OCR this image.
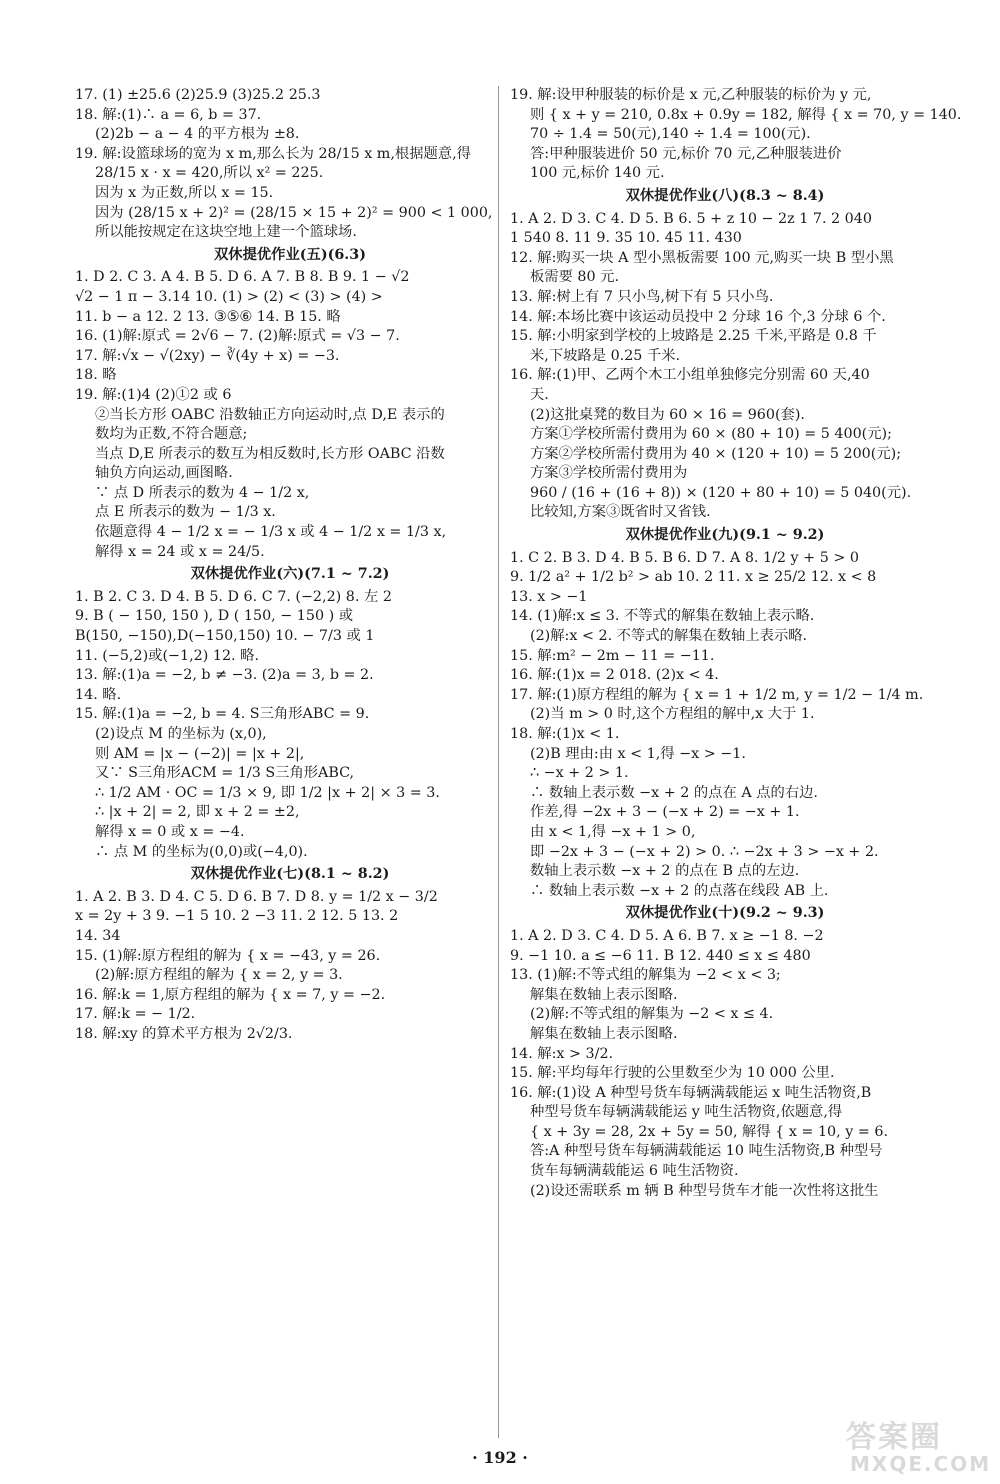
17. (1) ±25.6 (2)25.9 (3)25.2 25.3
18. 解:(1)∴ a = 6, b = 37.
(2)2b − a − 4 的平方根为 ±8.
19. 解:设篮球场的宽为 x m,那么长为 28/15 x m,根据题意,得
28/15 x · x = 420,所以 x² = 225.
因为 x 为正数,所以 x = 15.
因为 (28/15 x + 2)² = (28/15 × 15 + 2)² = 900 < 1 000,
所以能按规定在这块空地上建一个篮球场.
双休提优作业(五)(6.3)
1. D 2. C 3. A 4. B 5. D 6. A 7. B 8. B 9. 1 − √2
√2 − 1 π − 3.14 10. (1) > (2) < (3) > (4) >
11. b − a 12. 2 13. ③⑤⑥ 14. B 15. 略
16. (1)解:原式 = 2√6 − 7. (2)解:原式 = √3 − 7.
17. 解:√x − √(2xy) − ∛(4y + x) = −3.
18. 略
19. 解:(1)4 (2)①2 或 6
②当长方形 OABC 沿数轴正方向运动时,点 D,E 表示的
数均为正数,不符合题意;
当点 D,E 所表示的数互为相反数时,长方形 OABC 沿数
轴负方向运动,画图略.
∵ 点 D 所表示的数为 4 − 1/2 x,
点 E 所表示的数为 − 1/3 x.
依题意得 4 − 1/2 x = − 1/3 x 或 4 − 1/2 x = 1/3 x,
解得 x = 24 或 x = 24/5.
双休提优作业(六)(7.1 ~ 7.2)
1. B 2. C 3. D 4. B 5. D 6. C 7. (−2,2) 8. 左 2
9. B ( − 150, 150 ), D ( 150, − 150 ) 或
B(150, −150),D(−150,150) 10. − 7/3 或 1
11. (−5,2)或(−1,2) 12. 略.
13. 解:(1)a = −2, b ≠ −3. (2)a = 3, b = 2.
14. 略.
15. 解:(1)a = −2, b = 4. S三角形ABC = 9.
(2)设点 M 的坐标为 (x,0),
则 AM = |x − (−2)| = |x + 2|,
又∵ S三角形ACM = 1/3 S三角形ABC,
∴ 1/2 AM · OC = 1/3 × 9, 即 1/2 |x + 2| × 3 = 3.
∴ |x + 2| = 2, 即 x + 2 = ±2,
解得 x = 0 或 x = −4.
∴ 点 M 的坐标为(0,0)或(−4,0).
双休提优作业(七)(8.1 ~ 8.2)
1. A 2. B 3. D 4. C 5. D 6. B 7. D 8. y = 1/2 x − 3/2
x = 2y + 3 9. −1 5 10. 2 −3 11. 2 12. 5 13. 2
14. 34
15. (1)解:原方程组的解为 { x = −43, y = 26.
(2)解:原方程组的解为 { x = 2, y = 3.
16. 解:k = 1,原方程组的解为 { x = 7, y = −2.
17. 解:k = − 1/2.
18. 解:xy 的算术平方根为 2√2/3.
19. 解:设甲种服装的标价是 x 元,乙种服装的标价为 y 元,
则 { x + y = 210, 0.8x + 0.9y = 182, 解得 { x = 70, y = 140.
70 ÷ 1.4 = 50(元),140 ÷ 1.4 = 100(元).
答:甲种服装进价 50 元,标价 70 元,乙种服装进价
100 元,标价 140 元.
双休提优作业(八)(8.3 ~ 8.4)
1. A 2. D 3. C 4. D 5. B 6. 5 + z 10 − 2z 1 7. 2 040
1 540 8. 11 9. 35 10. 45 11. 430
12. 解:购买一块 A 型小黑板需要 100 元,购买一块 B 型小黑
板需要 80 元.
13. 解:树上有 7 只小鸟,树下有 5 只小鸟.
14. 解:本场比赛中该运动员投中 2 分球 16 个,3 分球 6 个.
15. 解:小明家到学校的上坡路是 2.25 千米,平路是 0.8 千
米,下坡路是 0.25 千米.
16. 解:(1)甲、乙两个木工小组单独修完分别需 60 天,40
天.
(2)这批桌凳的数目为 60 × 16 = 960(套).
方案①学校所需付费用为 60 × (80 + 10) = 5 400(元);
方案②学校所需付费用为 40 × (120 + 10) = 5 200(元);
方案③学校所需付费用为
960 / (16 + (16 + 8)) × (120 + 80 + 10) = 5 040(元).
比较知,方案③既省时又省钱.
双休提优作业(九)(9.1 ~ 9.2)
1. C 2. B 3. D 4. B 5. B 6. D 7. A 8. 1/2 y + 5 > 0
9. 1/2 a² + 1/2 b² > ab 10. 2 11. x ≥ 25/2 12. x < 8
13. x > −1
14. (1)解:x ≤ 3. 不等式的解集在数轴上表示略.
(2)解:x < 2. 不等式的解集在数轴上表示略.
15. 解:m² − 2m − 11 = −11.
16. 解:(1)x = 2 018. (2)x < 4.
17. 解:(1)原方程组的解为 { x = 1 + 1/2 m, y = 1/2 − 1/4 m.
(2)当 m > 0 时,这个方程组的解中,x 大于 1.
18. 解:(1)x < 1.
(2)B 理由:由 x < 1,得 −x > −1.
∴ −x + 2 > 1.
∴ 数轴上表示数 −x + 2 的点在 A 点的右边.
作差,得 −2x + 3 − (−x + 2) = −x + 1.
由 x < 1,得 −x + 1 > 0,
即 −2x + 3 − (−x + 2) > 0. ∴ −2x + 3 > −x + 2.
数轴上表示数 −x + 2 的点在 B 点的左边.
∴ 数轴上表示数 −x + 2 的点落在线段 AB 上.
双休提优作业(十)(9.2 ~ 9.3)
1. A 2. D 3. C 4. D 5. A 6. B 7. x ≥ −1 8. −2
9. −1 10. a ≤ −6 11. B 12. 440 ≤ x ≤ 480
13. (1)解:不等式组的解集为 −2 < x < 3;
解集在数轴上表示图略.
(2)解:不等式组的解集为 −2 < x ≤ 4.
解集在数轴上表示图略.
14. 解:x > 3/2.
15. 解:平均每年行驶的公里数至少为 10 000 公里.
16. 解:(1)设 A 种型号货车每辆满载能运 x 吨生活物资,B
种型号货车每辆满载能运 y 吨生活物资,依题意,得
{ x + 3y = 28, 2x + 5y = 50, 解得 { x = 10, y = 6.
答:A 种型号货车每辆满载能运 10 吨生活物资,B 种型号
货车每辆满载能运 6 吨生活物资.
(2)设还需联系 m 辆 B 种型号货车才能一次性将这批生
· 192 ·
答案圈
MXQE.COM
